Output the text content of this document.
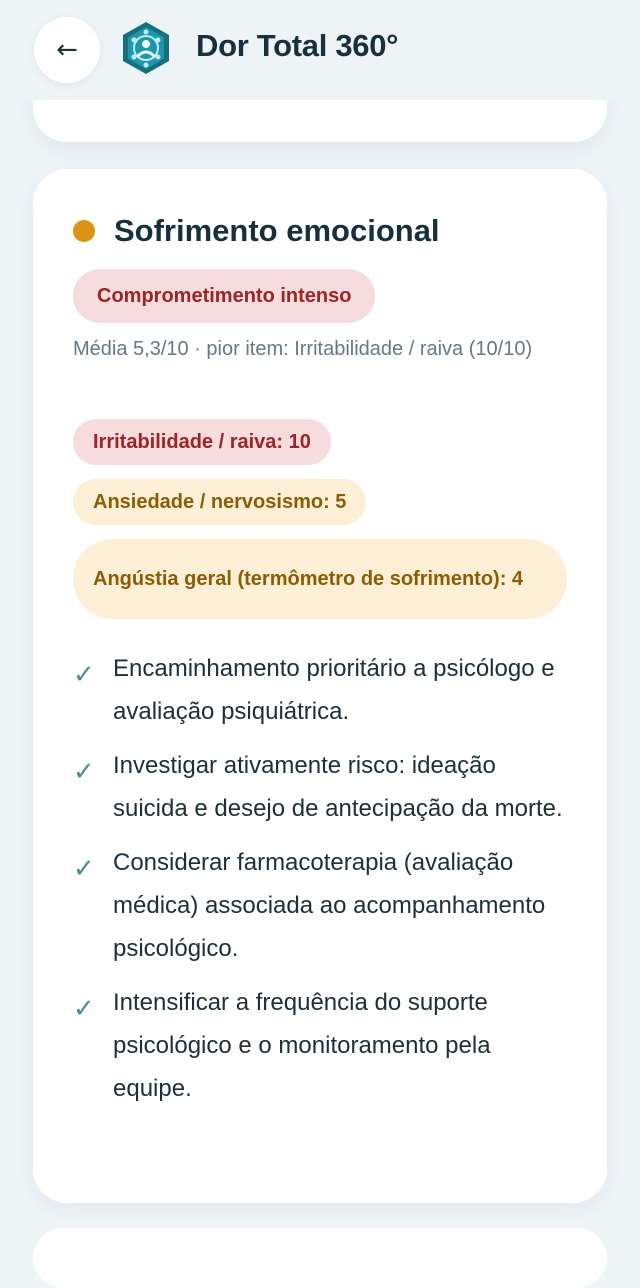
←	Dor Total 360°
Sofrimento emocional
Comprometimento intenso
Média 5,3/10 · pior item: Irritabilidade / raiva (10/10)
Irritabilidade / raiva: 10
Ansiedade / nervosismo: 5
Angústia geral (termômetro de sofrimento): 4
✓ Encaminhamento prioritário a psicólogo e avaliação psiquiátrica.
✓ Investigar ativamente risco: ideação suicida e desejo de antecipação da morte.
✓ Considerar farmacoterapia (avaliação médica) associada ao acompanhamento psicológico.
✓ Intensificar a frequência do suporte psicológico e o monitoramento pela equipe.
